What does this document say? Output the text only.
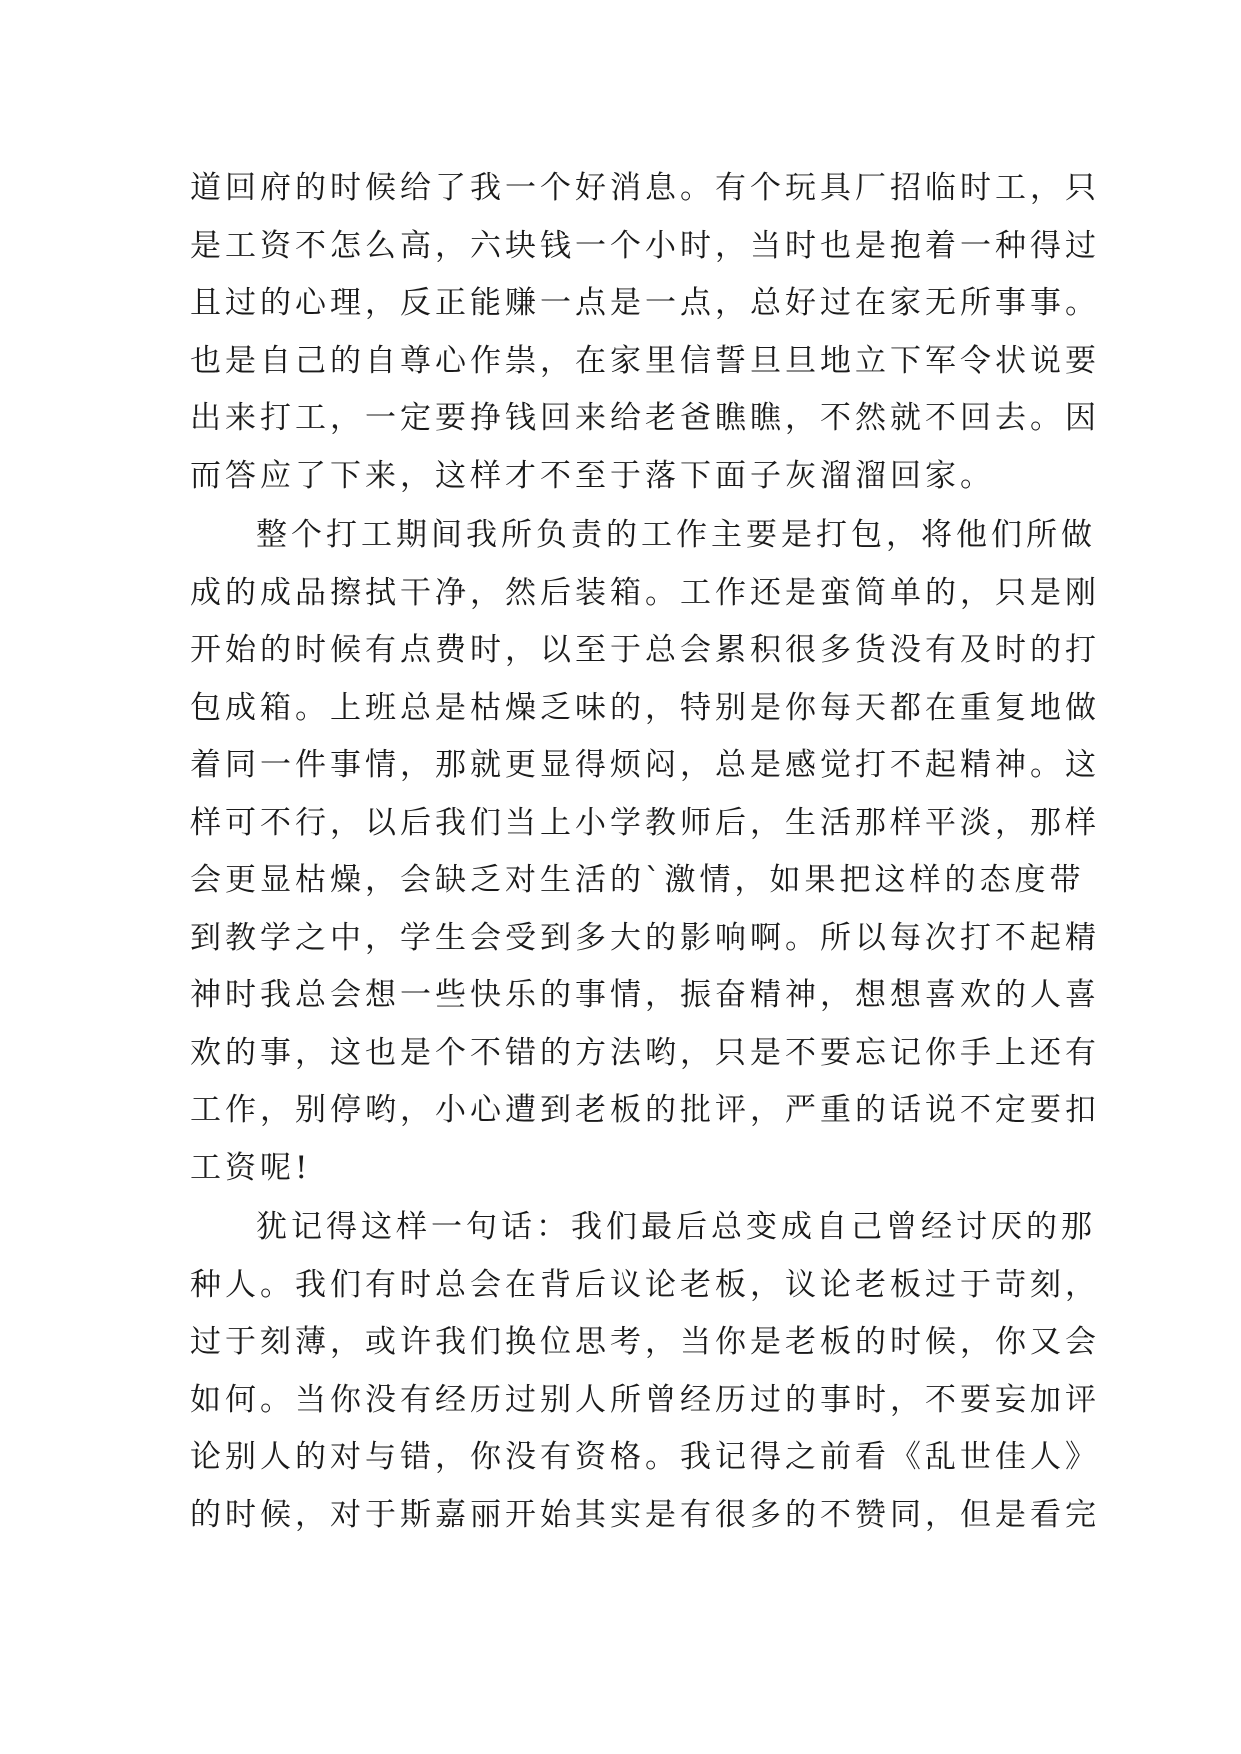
道回府的时候给了我一个好消息。有个玩具厂招临时工，只
是工资不怎么高，六块钱一个小时，当时也是抱着一种得过
且过的心理，反正能赚一点是一点，总好过在家无所事事。
也是自己的自尊心作祟，在家里信誓旦旦地立下军令状说要
出来打工，一定要挣钱回来给老爸瞧瞧，不然就不回去。因
而答应了下来，这样才不至于落下面子灰溜溜回家。
整个打工期间我所负责的工作主要是打包，将他们所做
成的成品擦拭干净，然后装箱。工作还是蛮简单的，只是刚
开始的时候有点费时，以至于总会累积很多货没有及时的打
包成箱。上班总是枯燥乏味的，特别是你每天都在重复地做
着同一件事情，那就更显得烦闷，总是感觉打不起精神。这
样可不行，以后我们当上小学教师后，生活那样平淡，那样
会更显枯燥，会缺乏对生活的`激情，如果把这样的态度带
到教学之中，学生会受到多大的影响啊。所以每次打不起精
神时我总会想一些快乐的事情，振奋精神，想想喜欢的人喜
欢的事，这也是个不错的方法哟，只是不要忘记你手上还有
工作，别停哟，小心遭到老板的批评，严重的话说不定要扣
工资呢!
犹记得这样一句话：我们最后总变成自己曾经讨厌的那
种人。我们有时总会在背后议论老板，议论老板过于苛刻，
过于刻薄，或许我们换位思考，当你是老板的时候，你又会
如何。当你没有经历过别人所曾经历过的事时，不要妄加评
论别人的对与错，你没有资格。我记得之前看《乱世佳人》
的时候，对于斯嘉丽开始其实是有很多的不赞同，但是看完
